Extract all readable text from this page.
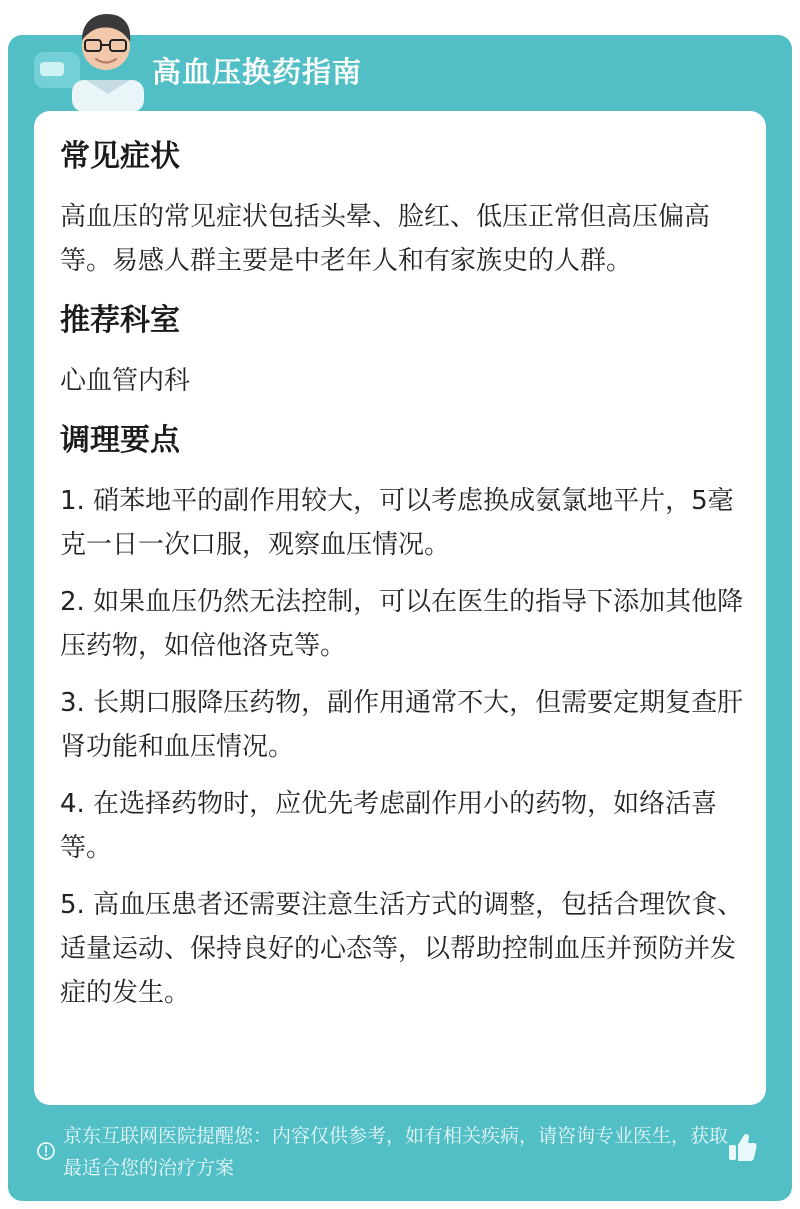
高血压换药指南
常见症状
高血压的常见症状包括头晕、脸红、低压正常但高压偏高等。易感人群主要是中老年人和有家族史的人群。
推荐科室
心血管内科
调理要点
1. 硝苯地平的副作用较大，可以考虑换成氨氯地平片，5毫克一日一次口服，观察血压情况。
2. 如果血压仍然无法控制，可以在医生的指导下添加其他降压药物，如倍他洛克等。
3. 长期口服降压药物，副作用通常不大，但需要定期复查肝肾功能和血压情况。
4. 在选择药物时，应优先考虑副作用小的药物，如络活喜等。
5. 高血压患者还需要注意生活方式的调整，包括合理饮食、适量运动、保持良好的心态等，以帮助控制血压并预防并发症的发生。
京东互联网医院提醒您：内容仅供参考，如有相关疾病，请咨询专业医生，获取最适合您的治疗方案
